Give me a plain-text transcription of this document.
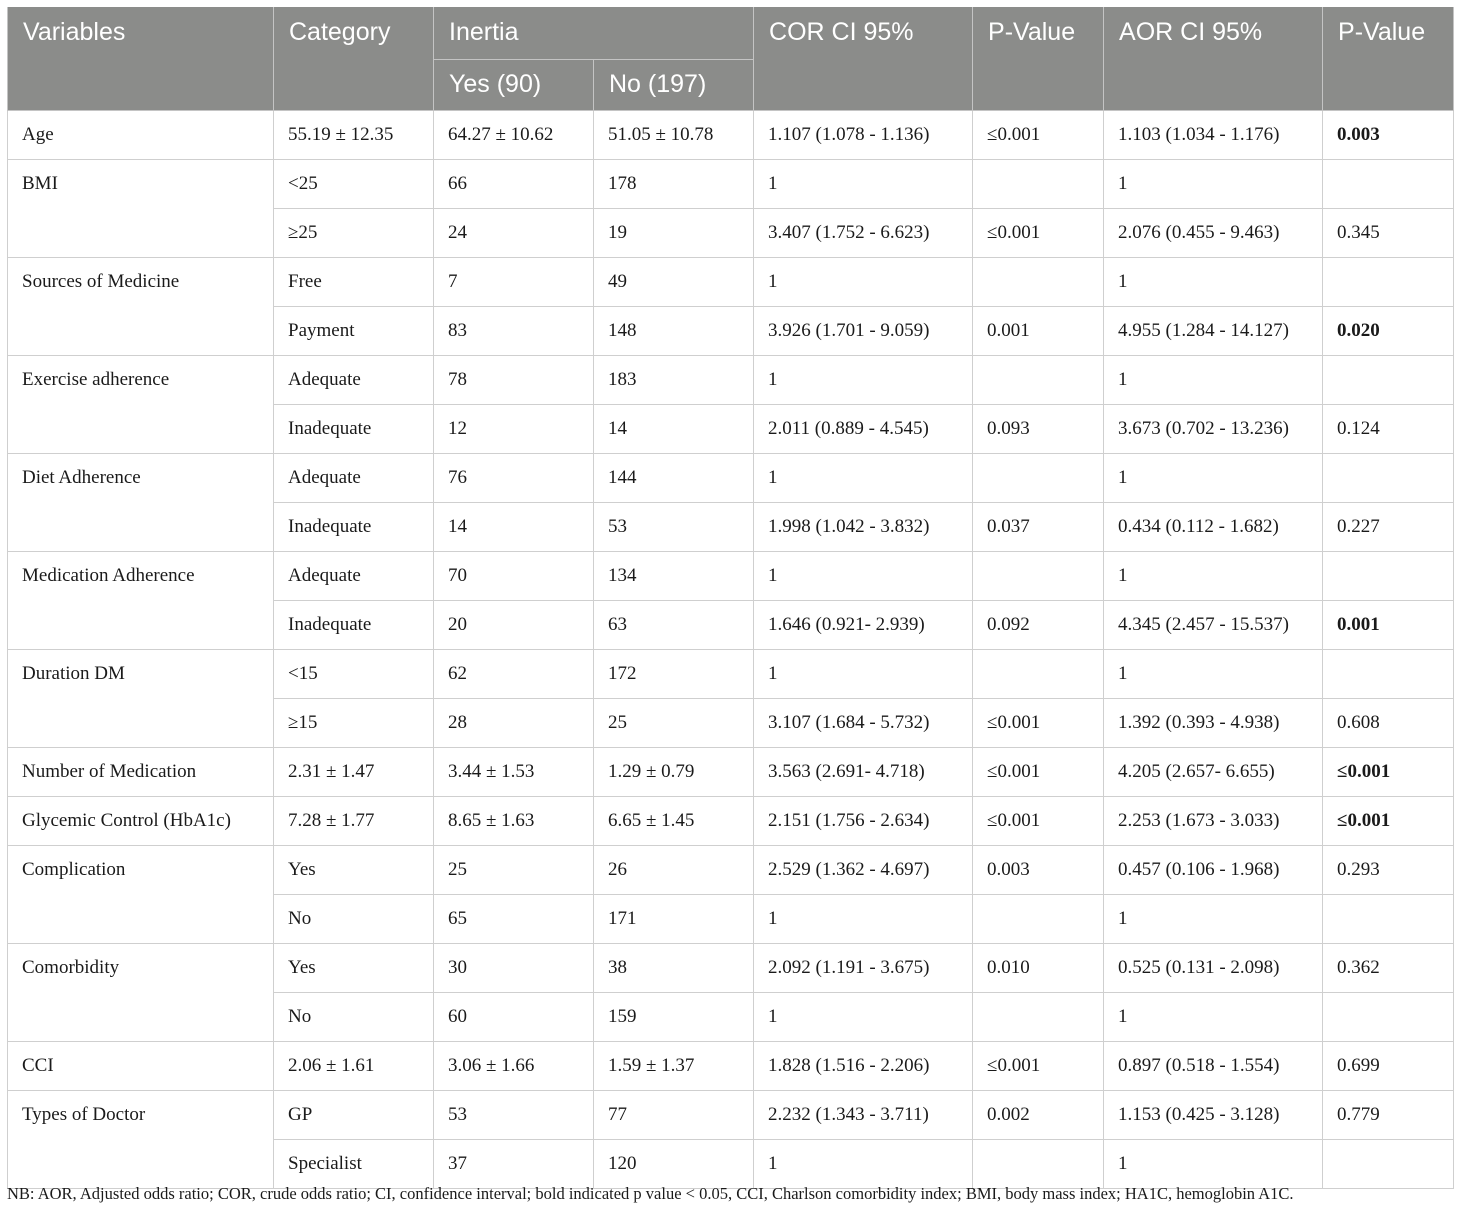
Variables	Category	Inertia		COR CI 95%	P-Value	AOR CI 95%	P-Value
		Yes (90)	No (197)				
Age	55.19 ± 12.35	64.27 ± 10.62	51.05 ± 10.78	1.107 (1.078 - 1.136)	≤0.001	1.103 (1.034 - 1.176)	0.003
BMI	<25	66	178	1		1	
	≥25	24	19	3.407 (1.752 - 6.623)	≤0.001	2.076 (0.455 - 9.463)	0.345
Sources of Medicine	Free	7	49	1		1	
	Payment	83	148	3.926 (1.701 - 9.059)	0.001	4.955 (1.284 - 14.127)	0.020
Exercise adherence	Adequate	78	183	1		1	
	Inadequate	12	14	2.011 (0.889 - 4.545)	0.093	3.673 (0.702 - 13.236)	0.124
Diet Adherence	Adequate	76	144	1		1	
	Inadequate	14	53	1.998 (1.042 - 3.832)	0.037	0.434 (0.112 - 1.682)	0.227
Medication Adherence	Adequate	70	134	1		1	
	Inadequate	20	63	1.646 (0.921- 2.939)	0.092	4.345 (2.457 - 15.537)	0.001
Duration DM	<15	62	172	1		1	
	≥15	28	25	3.107 (1.684 - 5.732)	≤0.001	1.392 (0.393 - 4.938)	0.608
Number of Medication	2.31 ± 1.47	3.44 ± 1.53	1.29 ± 0.79	3.563 (2.691- 4.718)	≤0.001	4.205 (2.657- 6.655)	≤0.001
Glycemic Control (HbA1c)	7.28 ± 1.77	8.65 ± 1.63	6.65 ± 1.45	2.151 (1.756 - 2.634)	≤0.001	2.253 (1.673 - 3.033)	≤0.001
Complication	Yes	25	26	2.529 (1.362 - 4.697)	0.003	0.457 (0.106 - 1.968)	0.293
	No	65	171	1		1	
Comorbidity	Yes	30	38	2.092 (1.191 - 3.675)	0.010	0.525 (0.131 - 2.098)	0.362
	No	60	159	1		1	
CCI	2.06 ± 1.61	3.06 ± 1.66	1.59 ± 1.37	1.828 (1.516 - 2.206)	≤0.001	0.897 (0.518 - 1.554)	0.699
Types of Doctor	GP	53	77	2.232 (1.343 - 3.711)	0.002	1.153 (0.425 - 3.128)	0.779
	Specialist	37	120	1		1	
NB: AOR, Adjusted odds ratio; COR, crude odds ratio; CI, confidence interval; bold indicated p value < 0.05, CCI, Charlson comorbidity index; BMI, body mass index; HA1C, hemoglobin A1C.
